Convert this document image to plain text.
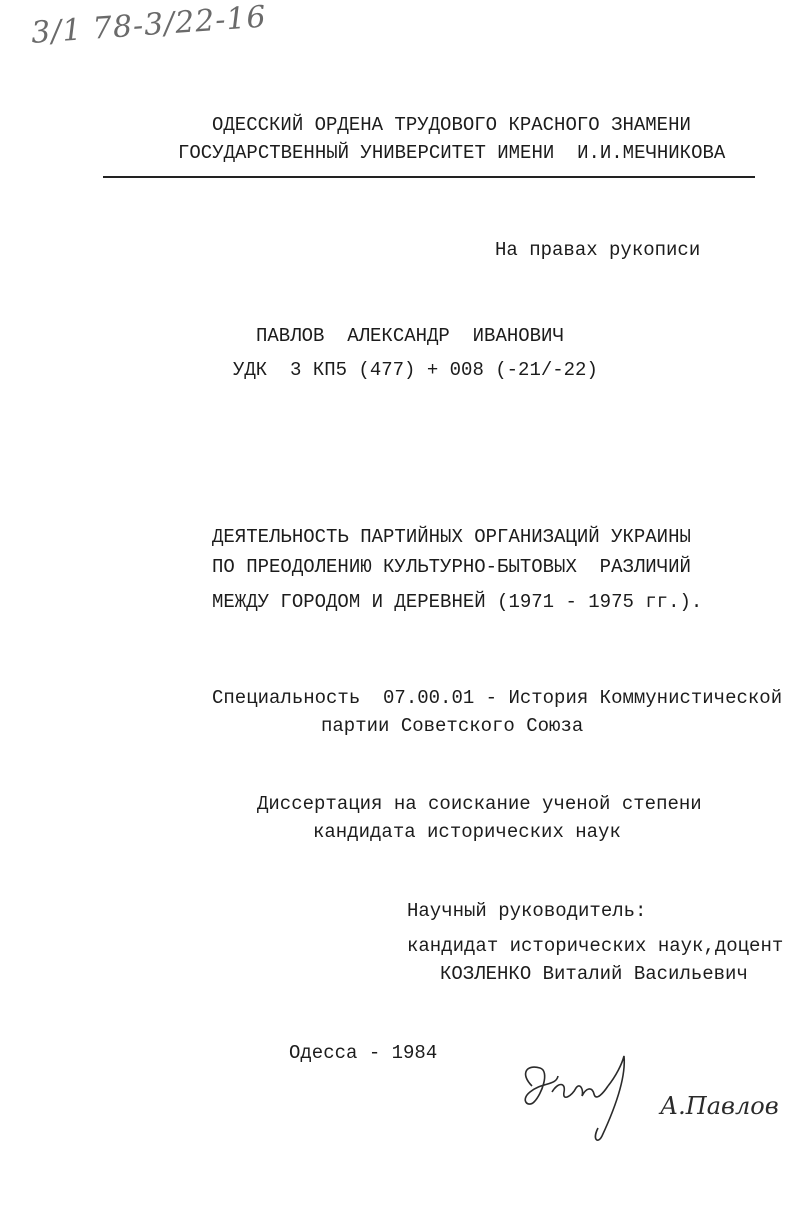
3/1 78-3/22-16
ОДЕССКИЙ ОРДЕНА ТРУДОВОГО КРАСНОГО ЗНАМЕНИ
ГОСУДАРСТВЕННЫЙ УНИВЕРСИТЕТ ИМЕНИ  И.И.МЕЧНИКОВА
На правах рукописи
ПАВЛОВ  АЛЕКСАНДР  ИВАНОВИЧ
УДК  3 КП5 (477) + 008 (-21/-22)
ДЕЯТЕЛЬНОСТЬ ПАРТИЙНЫХ ОРГАНИЗАЦИЙ УКРАИНЫ
ПО ПРЕОДОЛЕНИЮ КУЛЬТУРНО-БЫТОВЫХ  РАЗЛИЧИЙ
МЕЖДУ ГОРОДОМ И ДЕРЕВНЕЙ (1971 - 1975 гг.).
Специальность  07.00.01 - История Коммунистической
партии Советского Союза
Диссертация на соискание ученой степени
кандидата исторических наук
Научный руководитель:
кандидат исторических наук,доцент
КОЗЛЕНКО Виталий Васильевич
Одесса - 1984
А.Павлов
